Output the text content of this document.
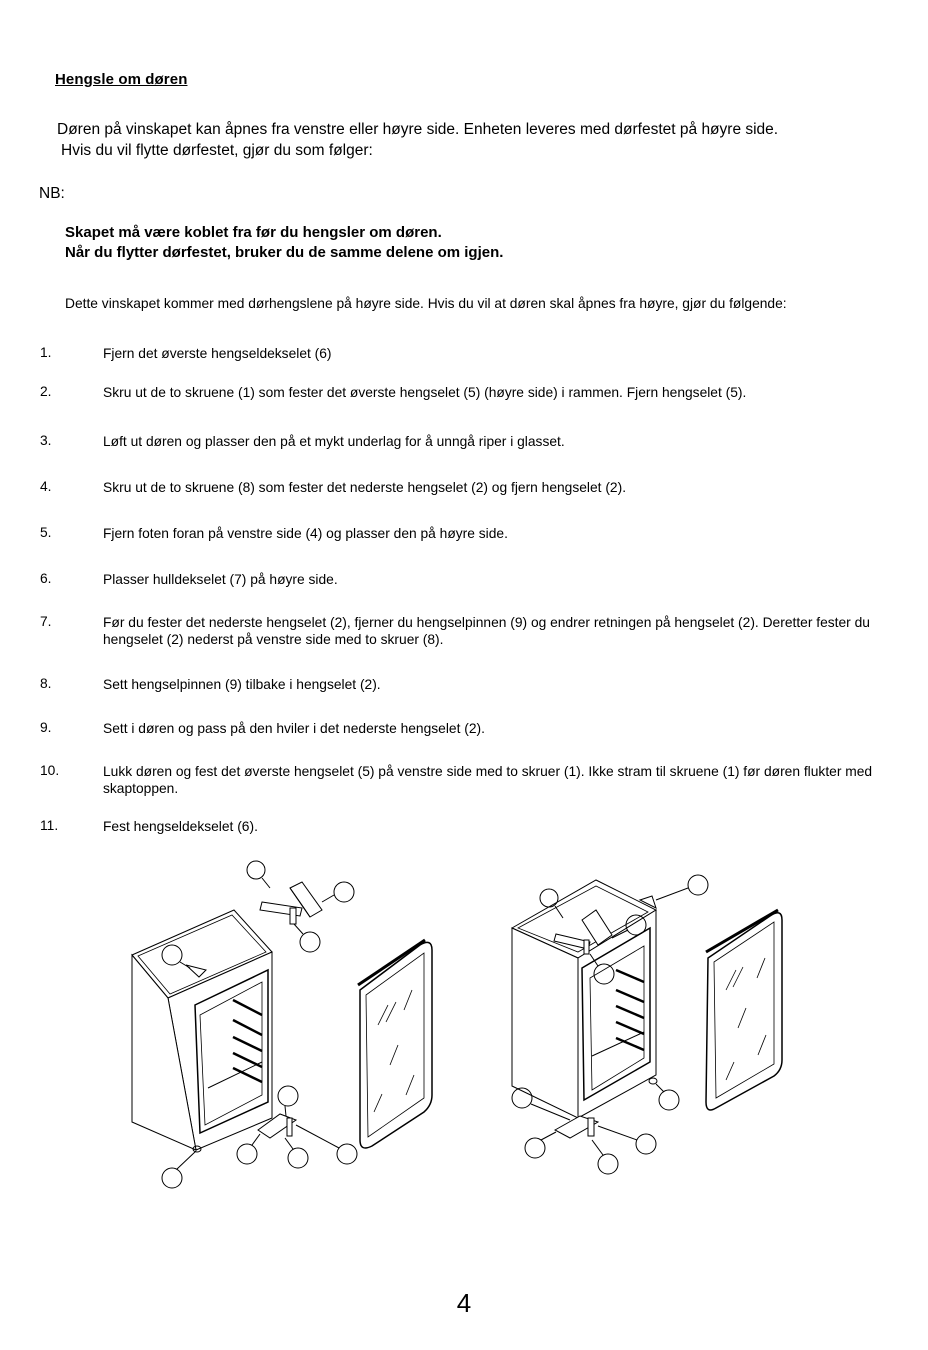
Hengsle om døren
Døren på vinskapet kan åpnes fra venstre eller høyre side. Enheten leveres med dørfestet på høyre side.
Hvis du vil flytte dørfestet, gjør du som følger:
NB:
Skapet må være koblet fra før du hengsler om døren.
Når du flytter dørfestet, bruker du de samme delene om igjen.
Dette vinskapet kommer med dørhengslene på høyre side. Hvis du vil at døren skal åpnes fra høyre, gjør du følgende:
1.	Fjern det øverste hengseldekselet (6)
2.	Skru ut de to skruene (1) som fester det øverste hengselet (5) (høyre side) i rammen. Fjern hengselet (5).
3.	Løft ut døren og plasser den på et mykt underlag for å unngå riper i glasset.
4.	Skru ut de to skruene (8) som fester det nederste hengselet (2) og fjern hengselet (2).
5.	Fjern foten foran på venstre side (4) og plasser den på høyre side.
6.	Plasser hulldekselet (7) på høyre side.
7.	Før du fester det nederste hengselet (2), fjerner du hengselpinnen (9) og endrer retningen på hengselet (2). Deretter fester du hengselet (2) nederst på venstre side med to skruer (8).
8.	Sett hengselpinnen (9) tilbake i hengselet (2).
9.	Sett i døren og pass på den hviler i det nederste hengselet (2).
10.	Lukk døren og fest det øverste hengselet (5) på venstre side med to skruer (1). Ikke stram til skruene (1) før døren flukter med skaptoppen.
11.	Fest hengseldekselet (6).
4
